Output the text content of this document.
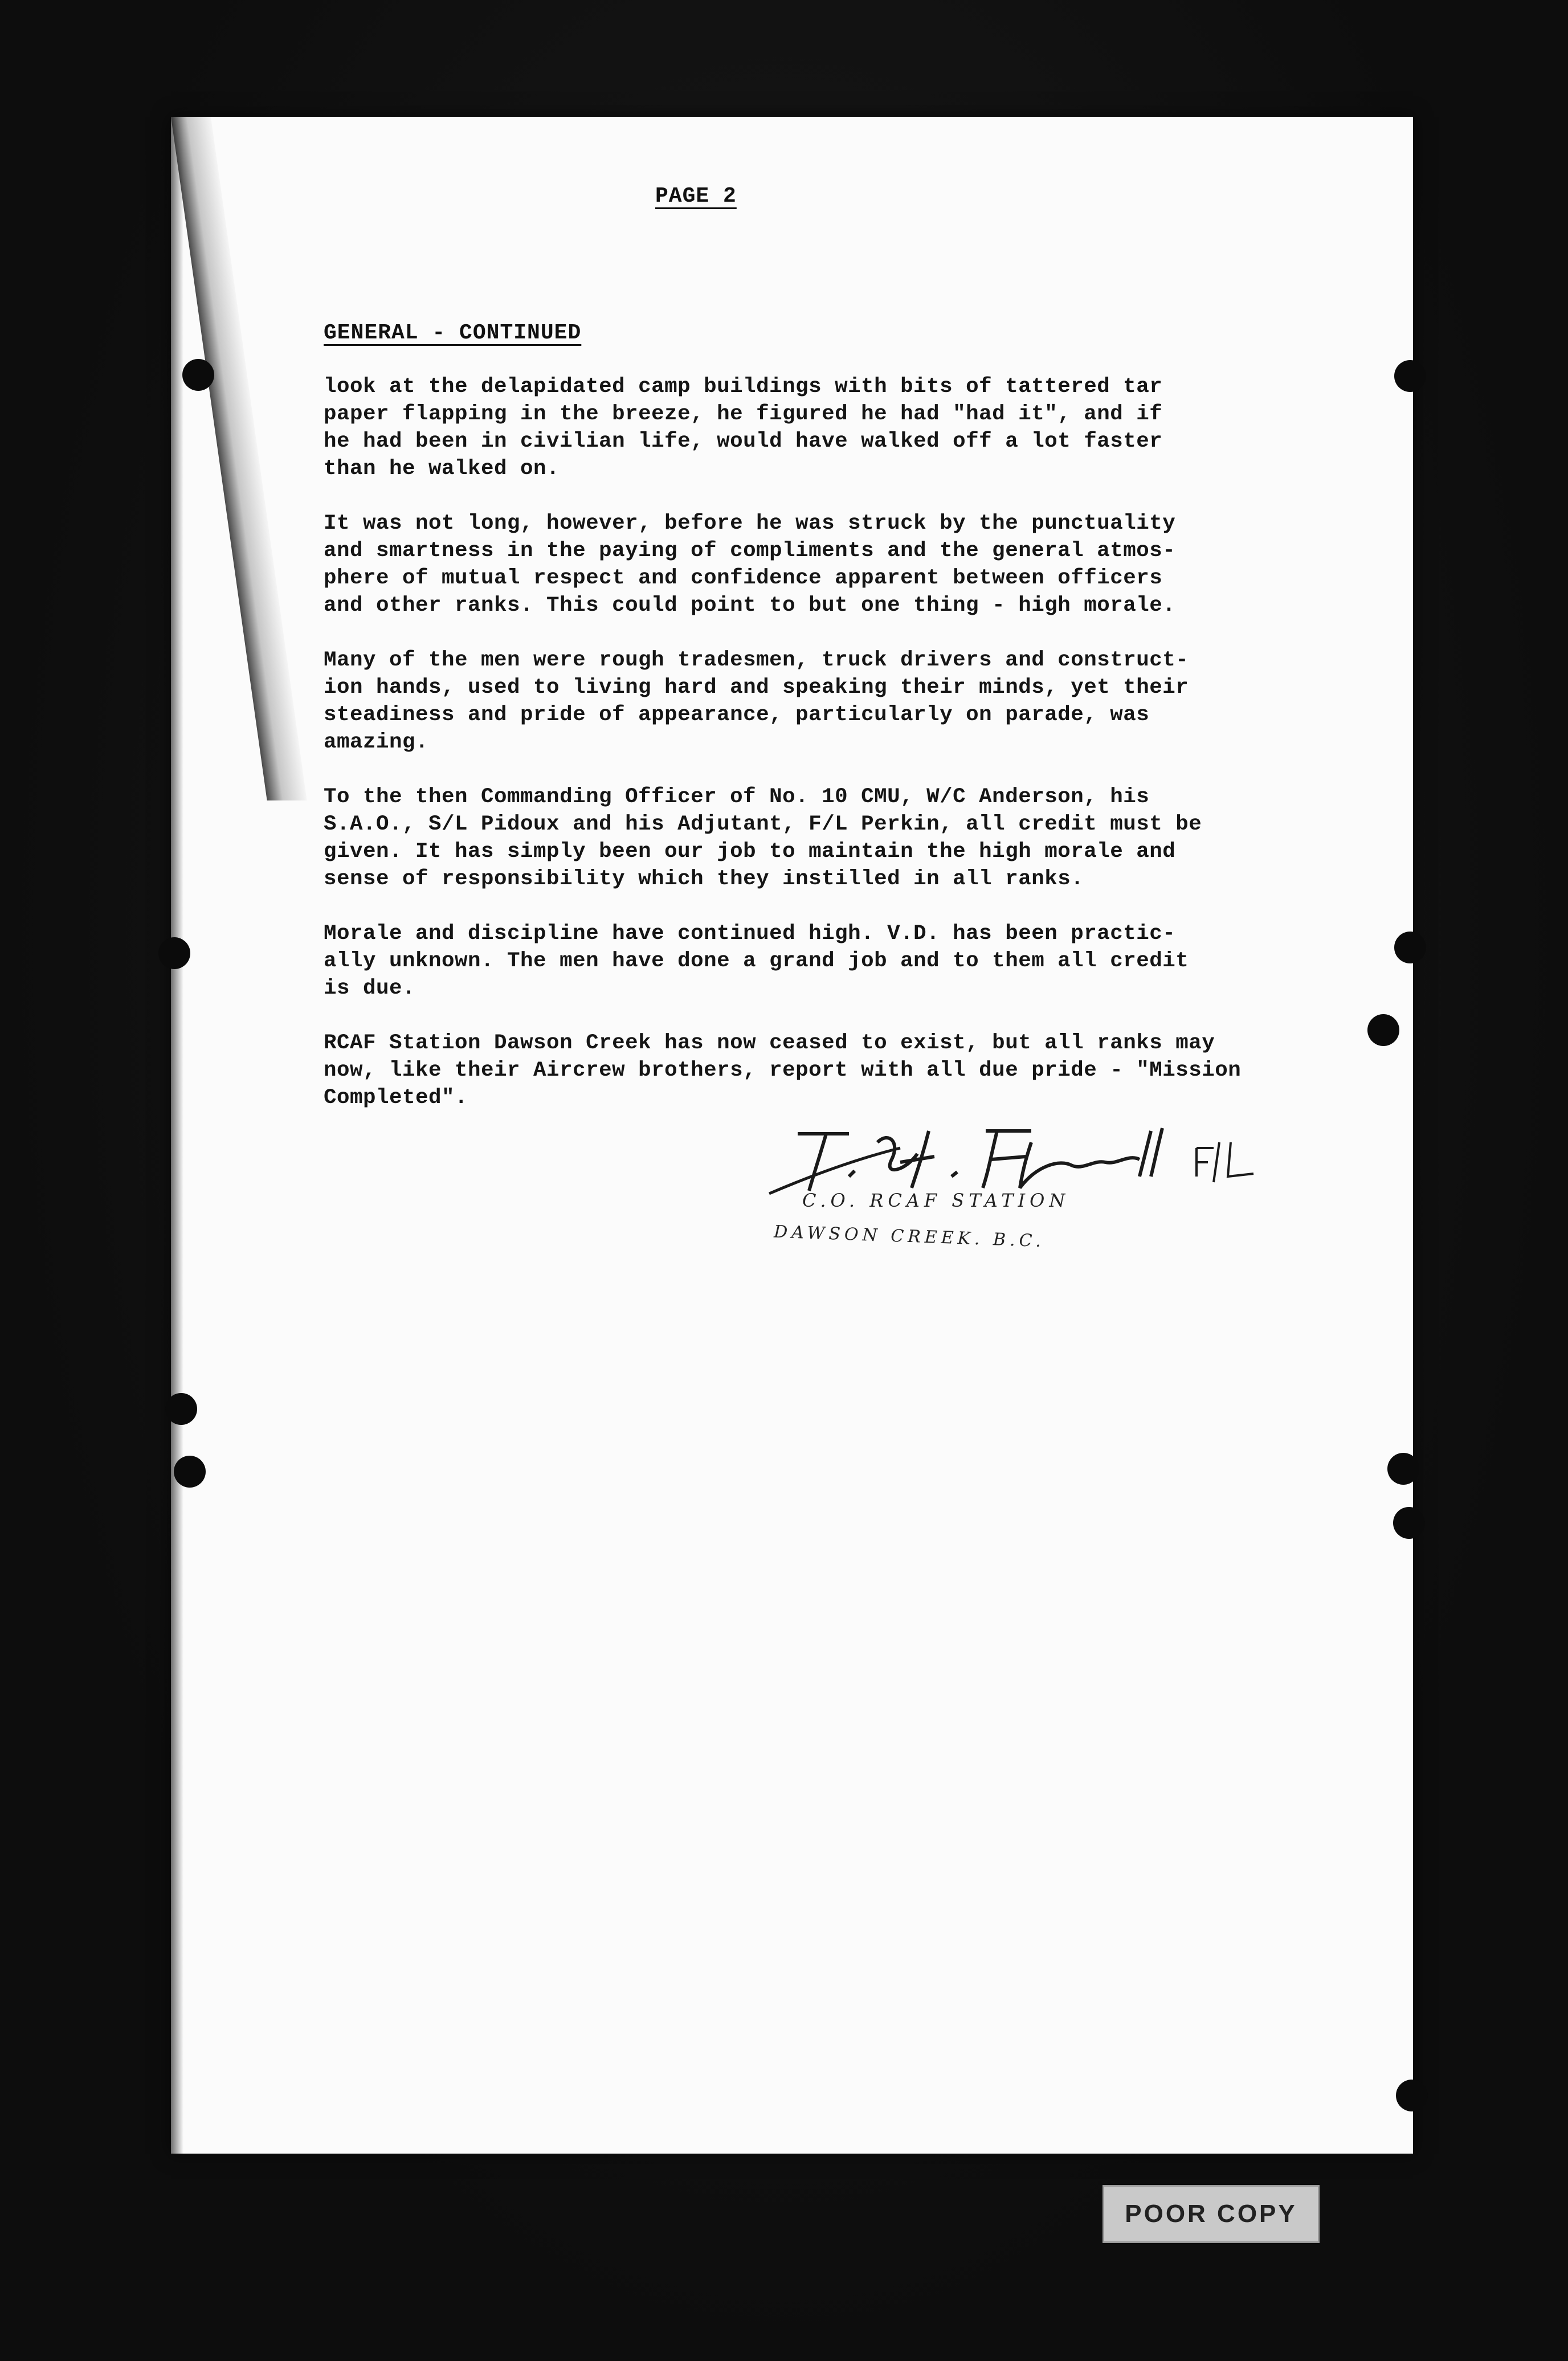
PAGE 2
GENERAL - CONTINUED

look at the delapidated camp buildings with bits of tattered tar
paper flapping in the breeze, he figured he had "had it", and if
he had been in civilian life, would have walked off a lot faster
than he walked on.

It was not long, however, before he was struck by the punctuality
and smartness in the paying of compliments and the general atmos-
phere of mutual respect and confidence apparent between officers
and other ranks. This could point to but one thing - high morale.

Many of the men were rough tradesmen, truck drivers and construct-
ion hands, used to living hard and speaking their minds, yet their
steadiness and pride of appearance, particularly on parade, was
amazing.

To the then Commanding Officer of No. 10 CMU, W/C Anderson, his
S.A.O., S/L Pidoux and his Adjutant, F/L Perkin, all credit must be
given. It has simply been our job to maintain the high morale and
sense of responsibility which they instilled in all ranks.

Morale and discipline have continued high. V.D. has been practic-
ally unknown. The men have done a grand job and to them all credit
is due.

RCAF Station Dawson Creek has now ceased to exist, but all ranks may
now, like their Aircrew brothers, report with all due pride - "Mission
Completed".

C.O. RCAF STATION
DAWSON CREEK. B.C.
POOR COPY
